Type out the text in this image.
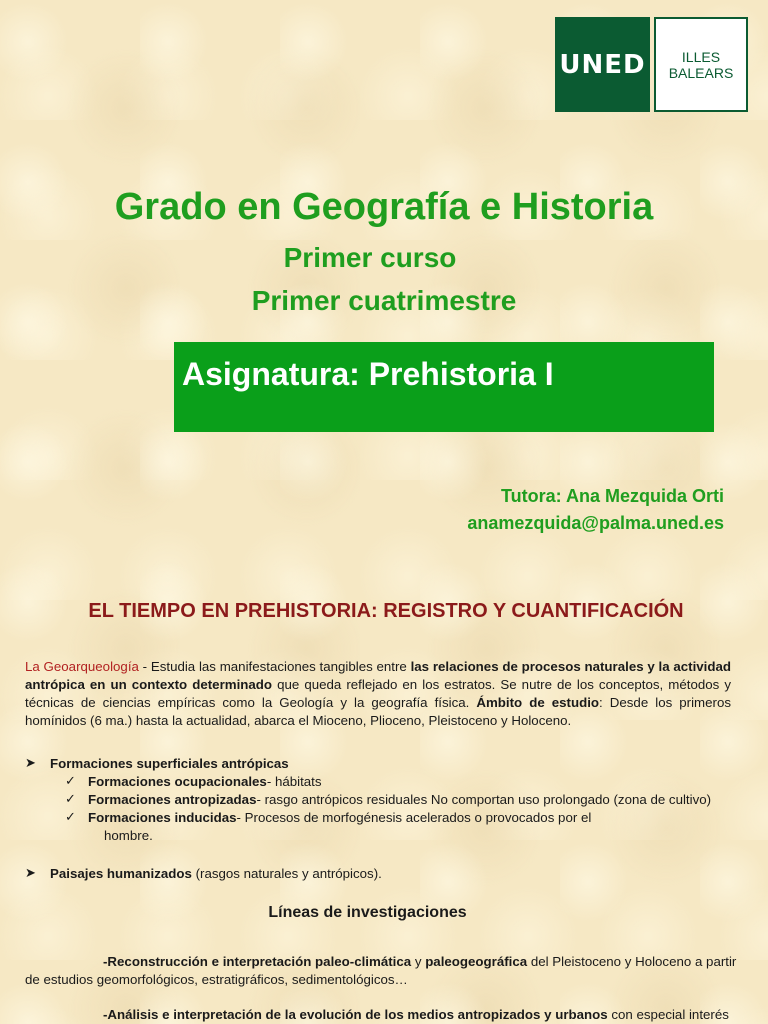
UNED	ILLES
BALEARS
Grado en Geografía e Historia
Primer curso
Primer cuatrimestre
Asignatura: Prehistoria I
Tutora: Ana Mezquida Orti
anamezquida@palma.uned.es
EL TIEMPO EN PREHISTORIA: REGISTRO Y CUANTIFICACIÓN
La Geoarqueología - Estudia las manifestaciones tangibles entre las relaciones de procesos naturales y la actividad antrópica en un contexto determinado que queda reflejado en los estratos. Se nutre de los conceptos, métodos y técnicas de ciencias empíricas como la Geología y la geografía física. Ámbito de estudio: Desde los primeros homínidos (6 ma.) hasta la actualidad, abarca el Mioceno, Plioceno, Pleistoceno y Holoceno.
➤ Formaciones superficiales antrópicas
✓ Formaciones ocupacionales- hábitats
✓ Formaciones antropizadas- rasgo antrópicos residuales No comportan uso prolongado (zona de cultivo)
✓ Formaciones inducidas- Procesos de morfogénesis acelerados o provocados por el
hombre.
➤ Paisajes humanizados (rasgos naturales y antrópicos).
Líneas de investigaciones
-Reconstrucción e interpretación paleo-climática y paleogeográfica del Pleistoceno y Holoceno a partir
de estudios geomorfológicos, estratigráficos, sedimentológicos…
-Análisis e interpretación de la evolución de los medios antropizados y urbanos con especial interés
